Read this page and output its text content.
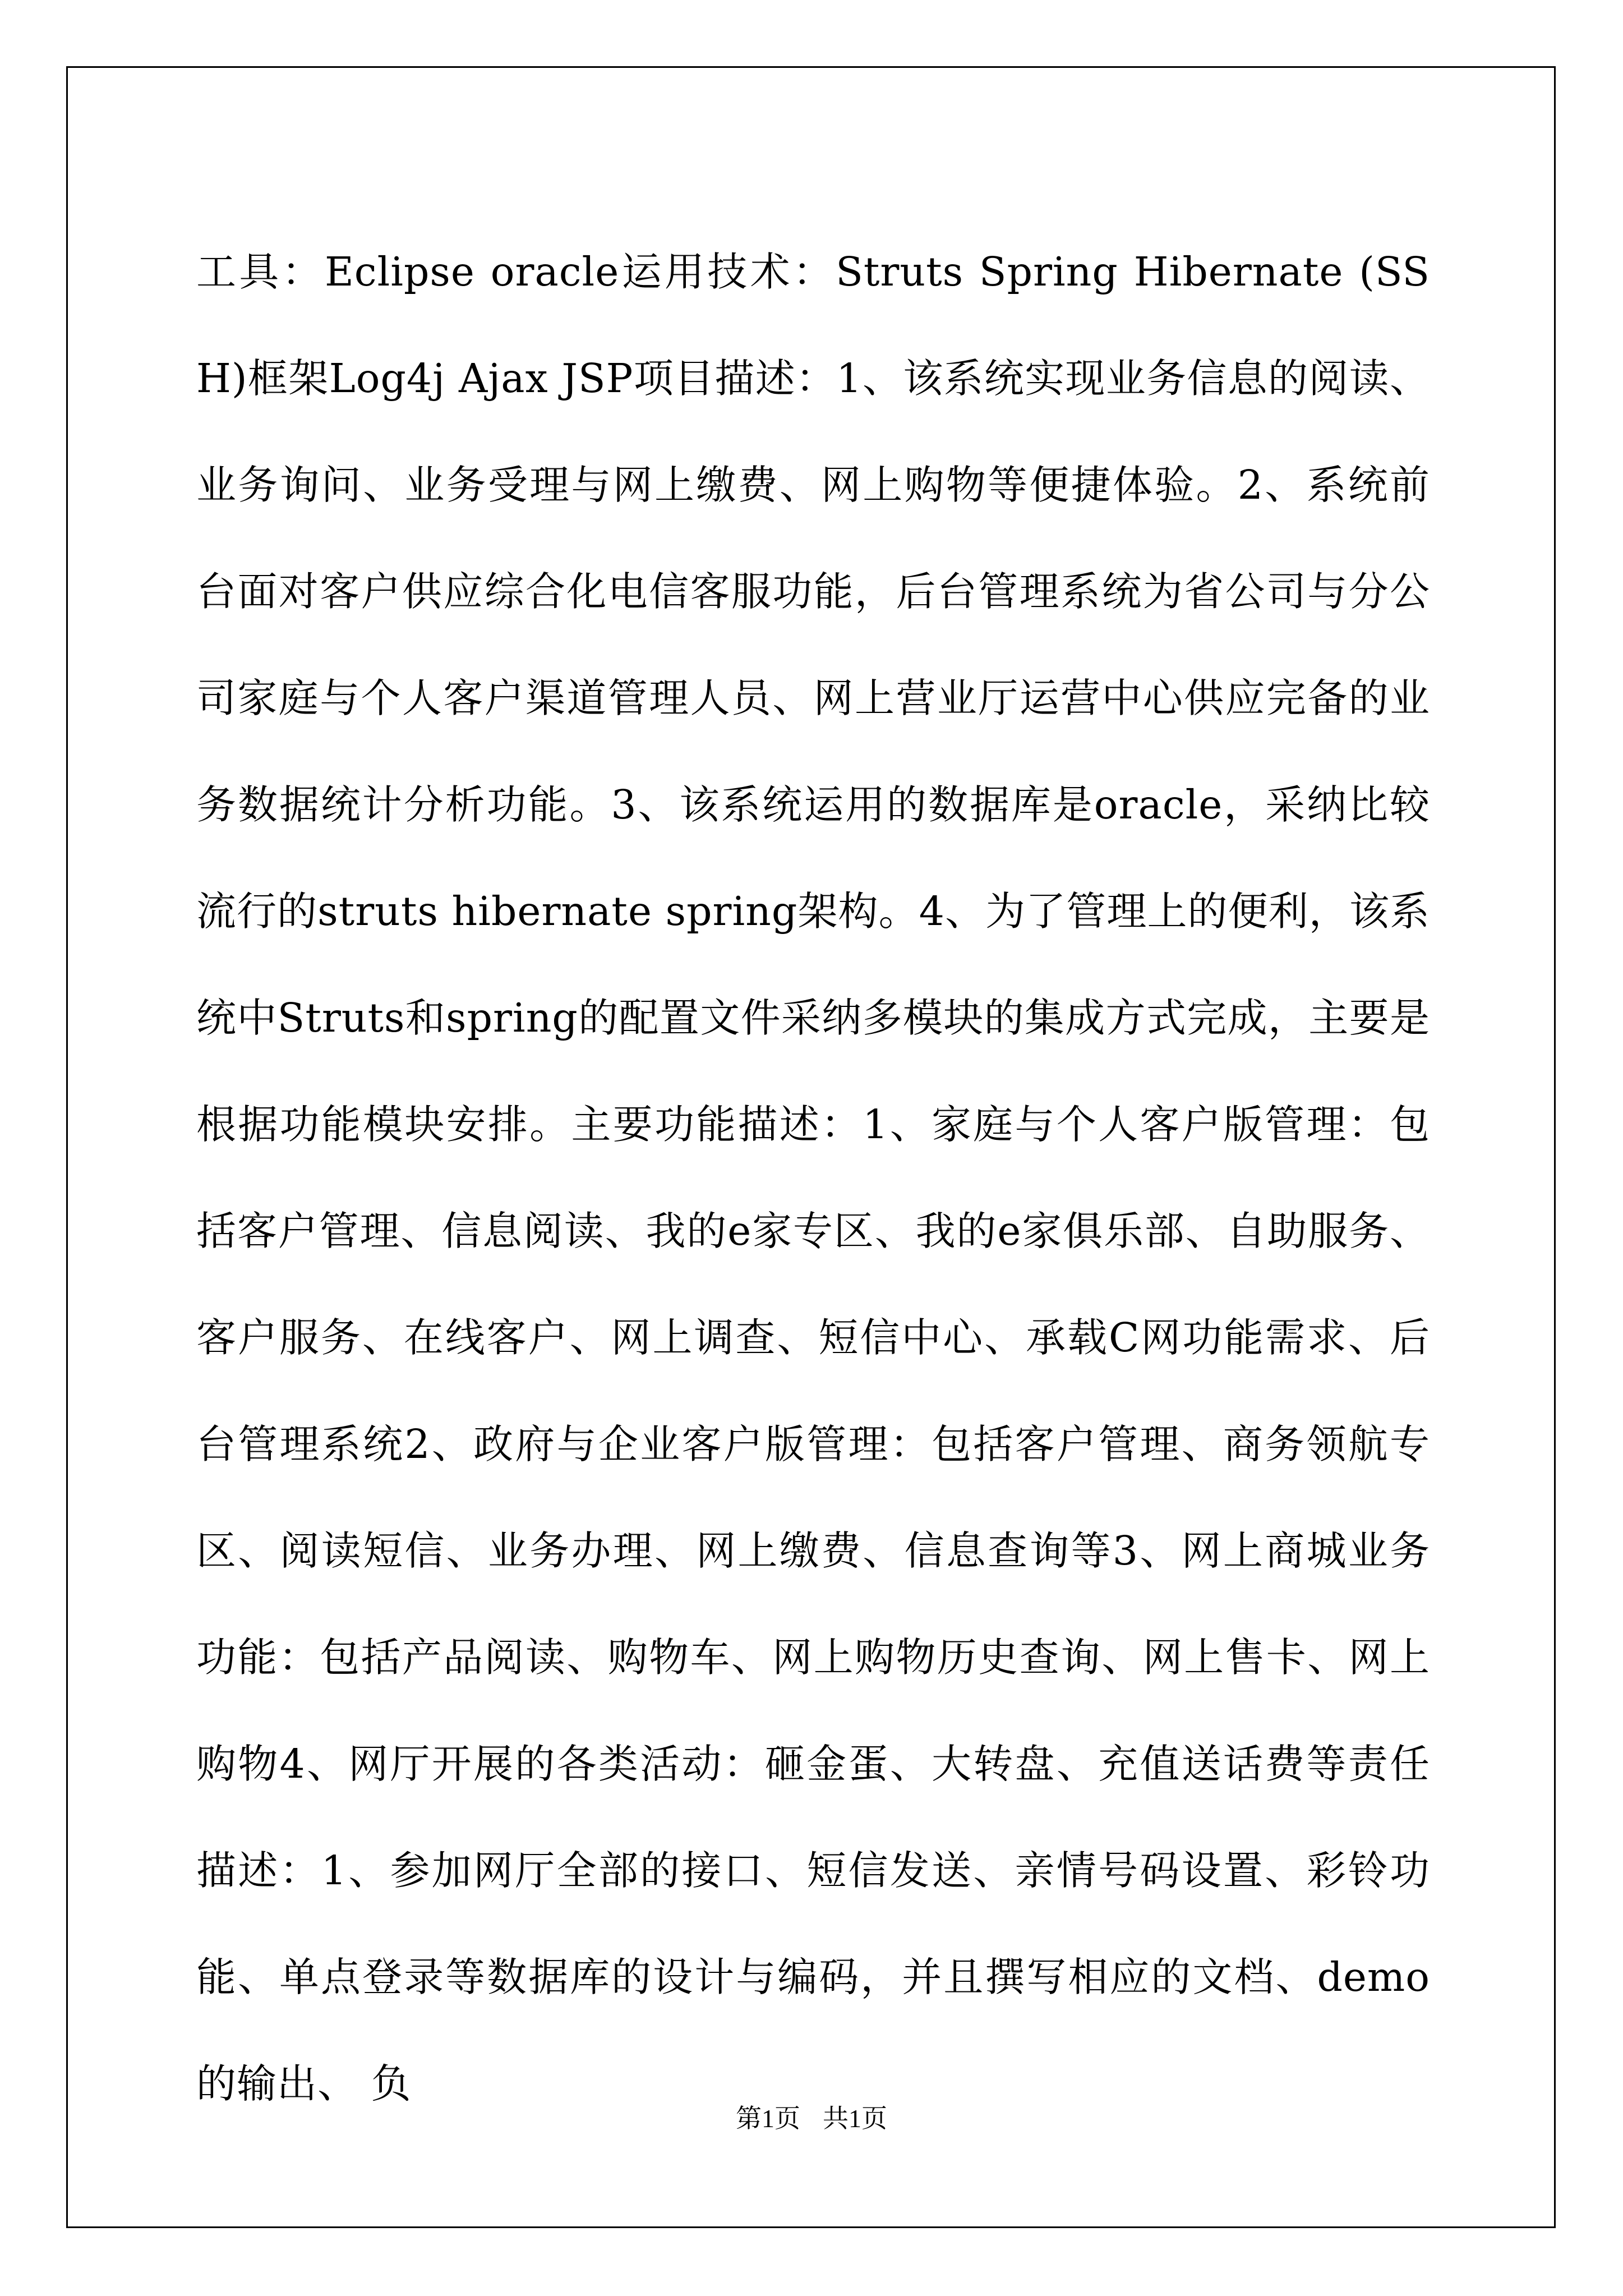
工具：Eclipse oracle运用技术：Struts Spring Hibernate (SSH)框架Log4j Ajax JSP项目描述：1、该系统实现业务信息的阅读、业务询问、业务受理与网上缴费、网上购物等便捷体验。2、系统前台面对客户供应综合化电信客服功能，后台管理系统为省公司与分公司家庭与个人客户渠道管理人员、网上营业厅运营中心供应完备的业务数据统计分析功能。3、该系统运用的数据库是oracle，采纳比较流行的struts hibernate spring架构。4、为了管理上的便利，该系统中Struts和spring的配置文件采纳多模块的集成方式完成，主要是根据功能模块安排。主要功能描述：1、家庭与个人客户版管理：包括客户管理、信息阅读、我的e家专区、我的e家俱乐部、自助服务、客户服务、在线客户、网上调查、短信中心、承载C网功能需求、后台管理系统2、政府与企业客户版管理：包括客户管理、商务领航专区、阅读短信、业务办理、网上缴费、信息查询等3、网上商城业务功能：包括产品阅读、购物车、网上购物历史查询、网上售卡、网上购物4、网厅开展的各类活动：砸金蛋、大转盘、充值送话费等责任描述：1、参加网厅全部的接口、短信发送、亲情号码设置、彩铃功能、单点登录等数据库的设计与编码，并且撰写相应的文档、demo的输出、 负

第1页 共1页
